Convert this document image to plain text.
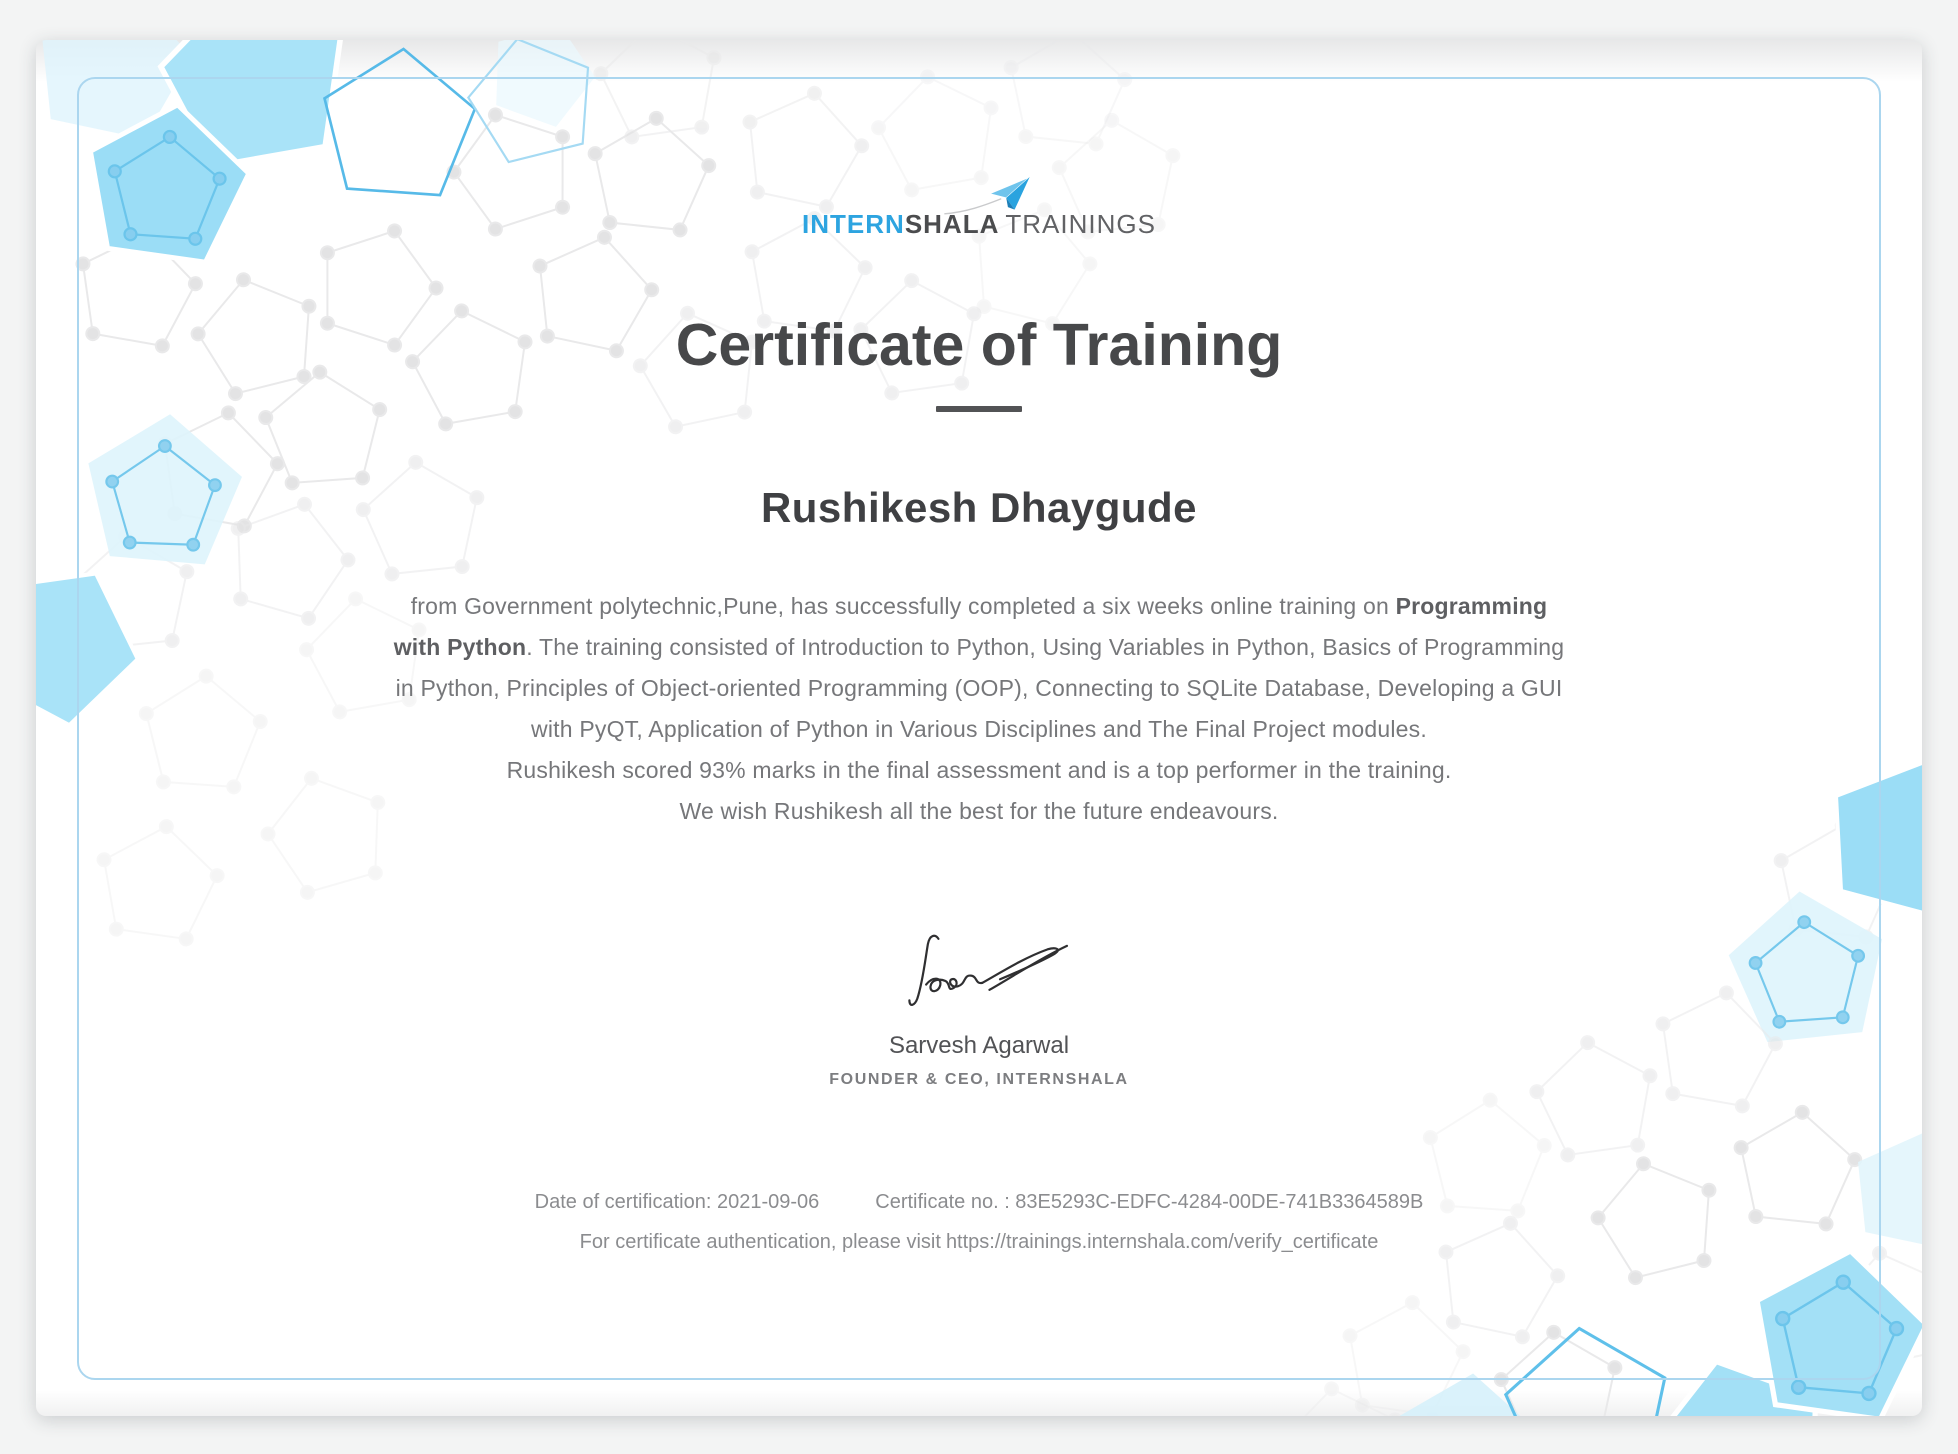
INTERNSHALA TRAININGS
Certificate of Training
Rushikesh Dhaygude
from Government polytechnic,Pune, has successfully completed a six weeks online training on Programming
with Python. The training consisted of Introduction to Python, Using Variables in Python, Basics of Programming
in Python, Principles of Object-oriented Programming (OOP), Connecting to SQLite Database, Developing a GUI
with PyQT, Application of Python in Various Disciplines and The Final Project modules.
Rushikesh scored 93% marks in the final assessment and is a top performer in the training.
We wish Rushikesh all the best for the future endeavours.
Sarvesh Agarwal
FOUNDER & CEO, INTERNSHALA
Date of certification: 2021-09-06	Certificate no. : 83E5293C-EDFC-4284-00DE-741B3364589B
For certificate authentication, please visit https://trainings.internshala.com/verify_certificate
